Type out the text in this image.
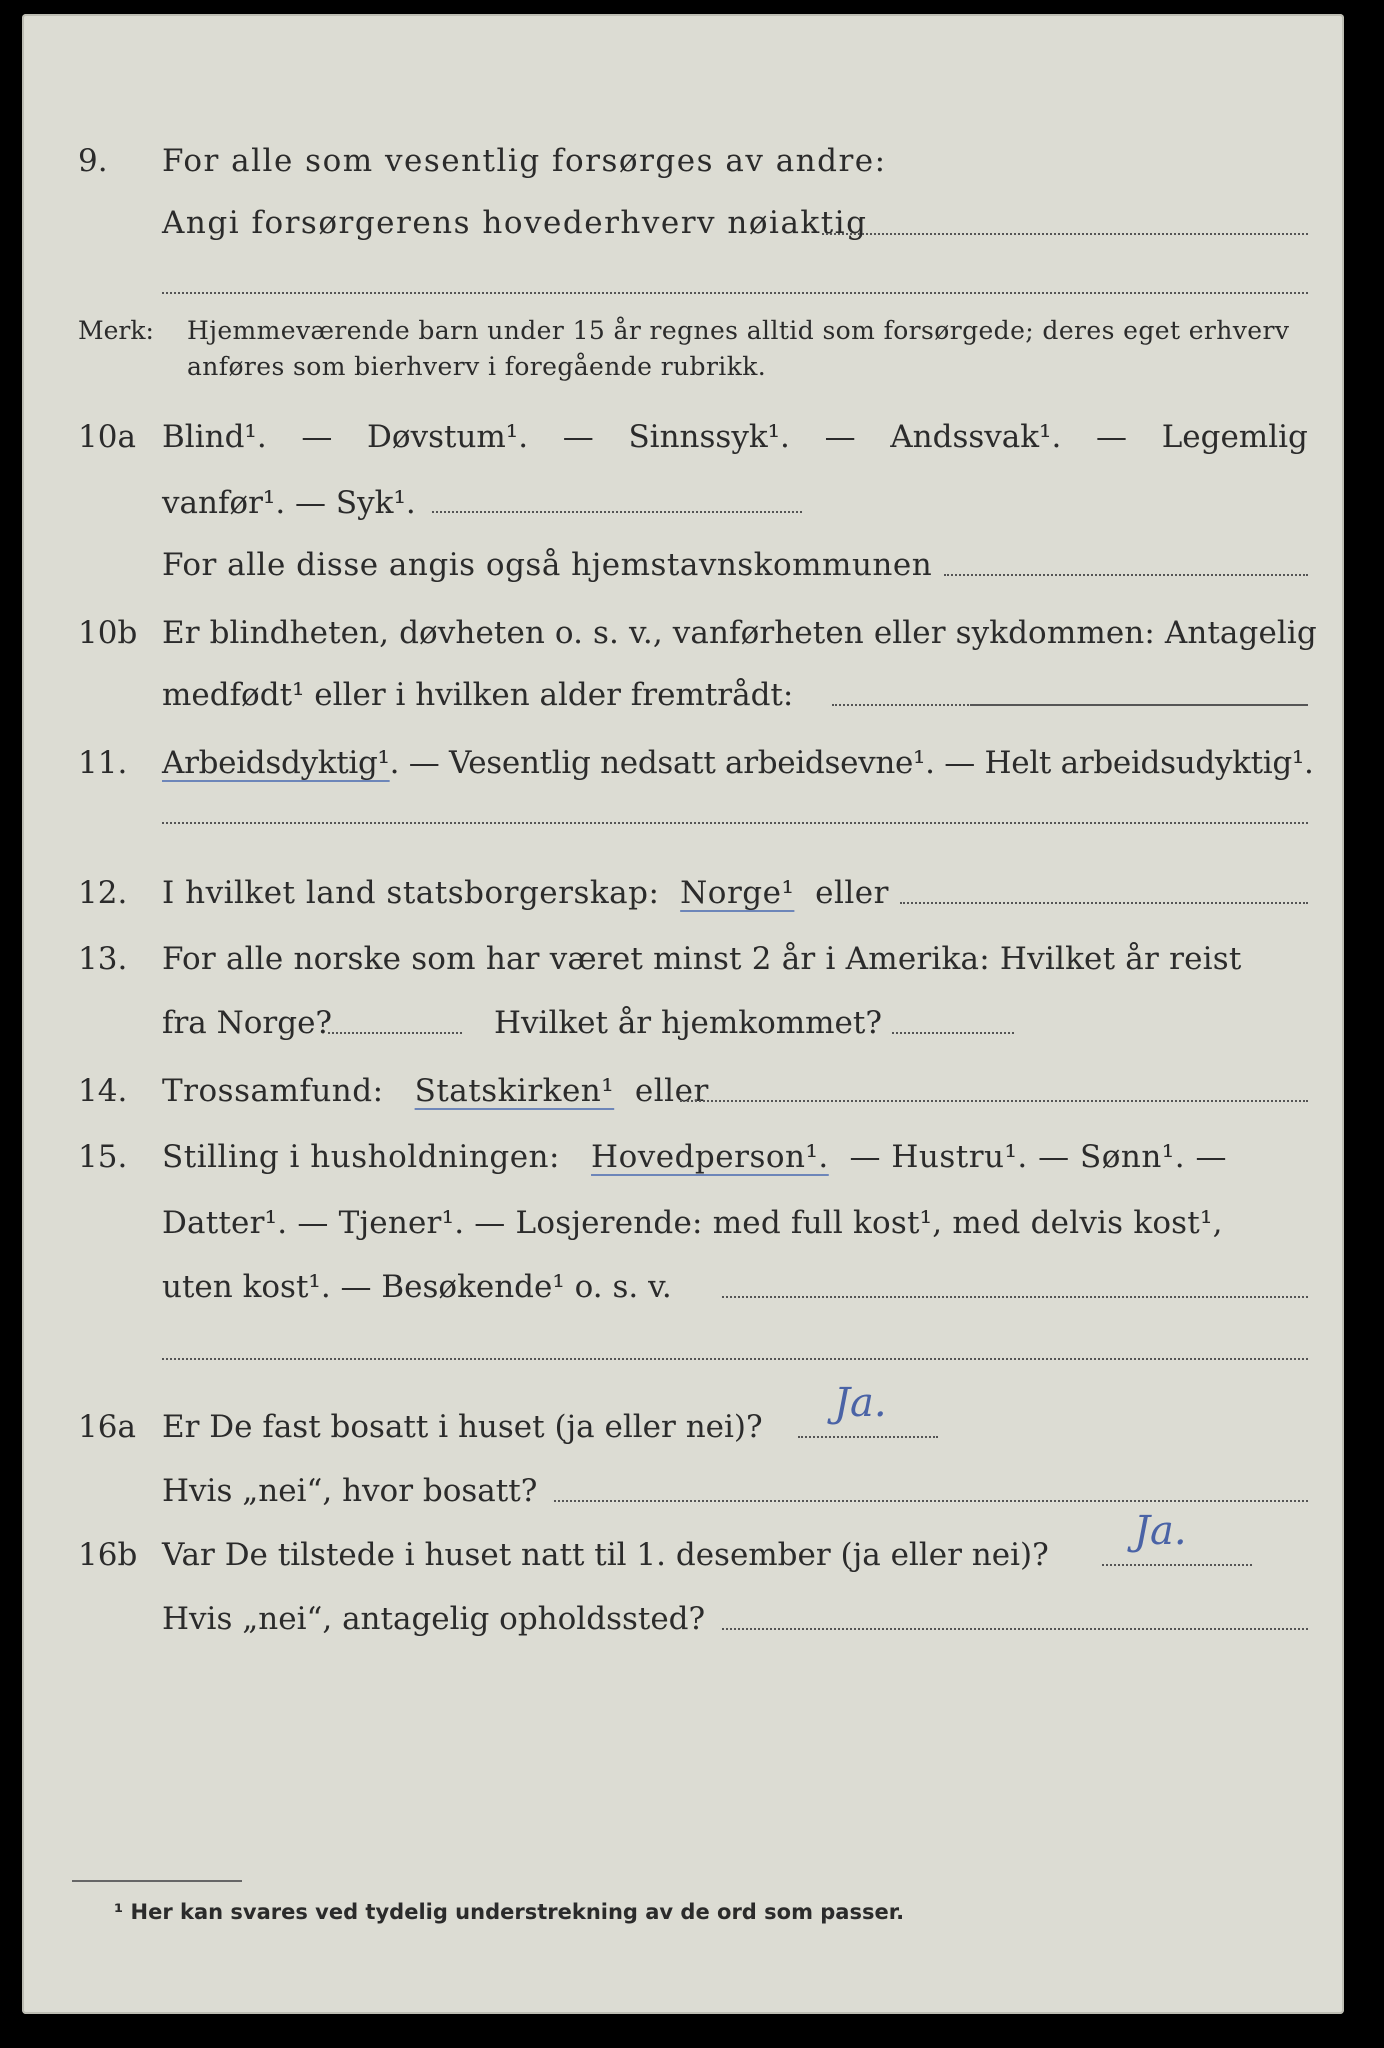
9. For alle som vesentlig forsørges av andre:
Angi forsørgerens hovederhverv nøiaktig
Merk: Hjemmeværende barn under 15 år regnes alltid som forsørgede; deres eget erhverv
anføres som bierhverv i foregående rubrikk.
10a Blind¹. — Døvstum¹. — Sinnssyk¹. — Andssvak¹. — Legemlig
vanfør¹. — Syk¹.
For alle disse angis også hjemstavnskommunen
10b Er blindheten, døvheten o. s. v., vanførheten eller sykdommen: Antagelig
medfødt¹ eller i hvilken alder fremtrådt:
11. Arbeidsdyktig¹. — Vesentlig nedsatt arbeidsevne¹. — Helt arbeidsudyktig¹.
12. I hvilket land statsborgerskap: Norge¹ eller
13. For alle norske som har været minst 2 år i Amerika: Hvilket år reist
fra Norge?	Hvilket år hjemkommet?
14. Trossamfund: Statskirken¹ eller
15. Stilling i husholdningen: Hovedperson¹. — Hustru¹. — Sønn¹. —
Datter¹. — Tjener¹. — Losjerende: med full kost¹, med delvis kost¹,
uten kost¹. — Besøkende¹ o. s. v.
16a Er De fast bosatt i huset (ja eller nei)?
Ja.
Hvis „nei“, hvor bosatt?
16b Var De tilstede i huset natt til 1. desember (ja eller nei)?
Ja.
Hvis „nei“, antagelig opholdssted?
¹ Her kan svares ved tydelig understrekning av de ord som passer.
